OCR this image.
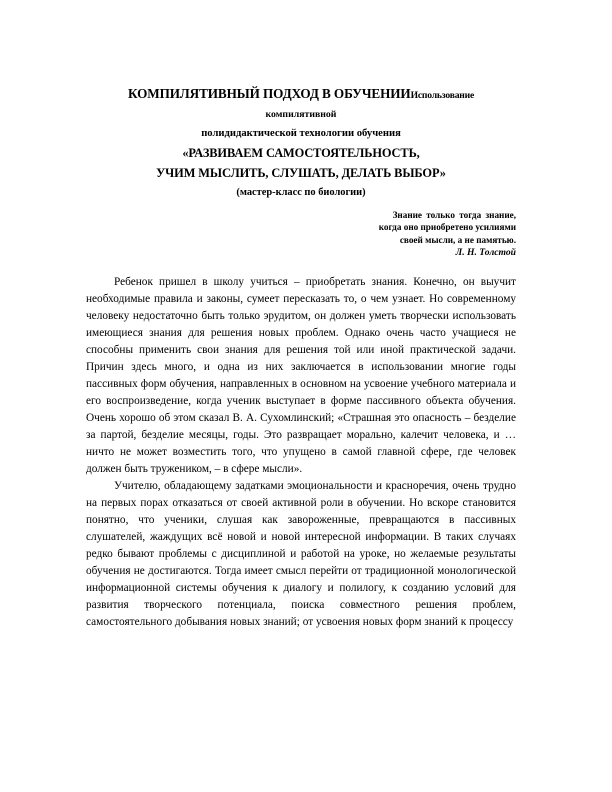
КОМПИЛЯТИВНЫЙ ПОДХОД В ОБУЧЕНИИИспользование

компилятивной

полидидактической технологии обучения

«РАЗВИВАЕМ САМОСТОЯТЕЛЬНОСТЬ,

УЧИМ МЫСЛИТЬ, СЛУШАТЬ, ДЕЛАТЬ ВЫБОР»

(мастер-класс по биологии)

Знание только тогда знание,

когда оно приобретено усилиями

своей мысли, а не памятью.

Л. Н. Толстой

Ребенок пришел в школу учиться – приобретать знания. Конечно, он выучит необходимые правила и законы, сумеет пересказать то, о чем узнает. Но современному человеку недостаточно быть только эрудитом, он должен уметь творчески использовать имеющиеся знания для решения новых проблем. Однако очень часто учащиеся не способны применить свои знания для решения той или иной практической задачи. Причин здесь много, и одна из них заключается в использовании многие годы пассивных форм обучения, направленных в основном на усвоение учебного материала и его воспроизведение, когда ученик выступает в форме пассивного объекта обучения. Очень хорошо об этом сказал В. А. Сухомлинский; «Страшная это опасность – безделие за партой, безделие месяцы, годы. Это развращает морально, калечит человека, и … ничто не может возместить того, что упущено в самой главной сфере, где человек должен быть тружеником, – в сфере мысли».

Учителю, обладающему задатками эмоциональности и красноречия, очень трудно на первых порах отказаться от своей активной роли в обучении. Но вскоре становится понятно, что ученики, слушая как завороженные, превращаются в пассивных слушателей, жаждущих всё новой и новой интересной информации. В таких случаях редко бывают проблемы с дисциплиной и работой на уроке, но желаемые результаты обучения не достигаются. Тогда имеет смысл перейти от традиционной монологической информационной системы обучения к диалогу и полилогу, к созданию условий для развития творческого потенциала, поиска совместного решения проблем, самостоятельного добывания новых знаний; от усвоения новых форм знаний к процессу
